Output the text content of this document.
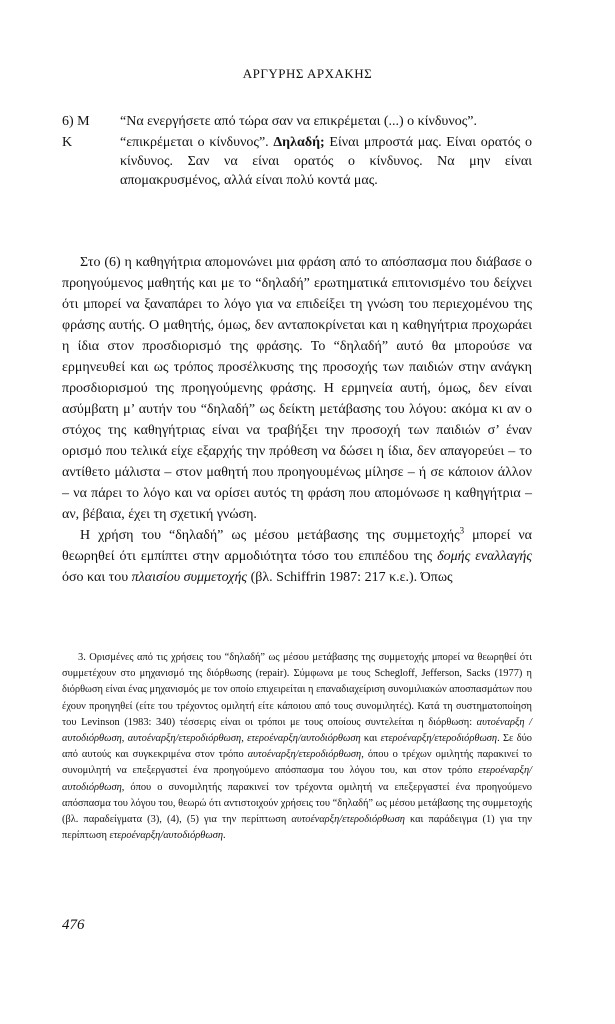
ΑΡΓΥΡΗΣ ΑΡΧΑΚΗΣ
6) M	“Να ενεργήσετε από τώρα σαν να επικρέμεται (...) ο κίνδυνος”.
K	“επικρέμεται ο κίνδυνος”. Δηλαδή; Είναι μπροστά μας. Είναι ορατός ο κίνδυνος. Σαν να είναι ορατός ο κίνδυνος. Να μην είναι απομακρυσμένος, αλλά είναι πολύ κοντά μας.

Στο (6) η καθηγήτρια απομονώνει μια φράση από το απόσπασμα που διάβασε ο προηγούμενος μαθητής και με το “δηλαδή” ερωτηματικά επιτονισμένο του δείχνει ότι μπορεί να ξαναπάρει το λόγο για να επιδείξει τη γνώση του περιεχομένου της φράσης αυτής. Ο μαθητής, όμως, δεν ανταποκρίνεται και η καθηγήτρια προχωράει η ίδια στον προσδιορισμό της φράσης. Το “δηλαδή” αυτό θα μπορούσε να ερμηνευθεί και ως τρόπος προσέλκυσης της προσοχής των παιδιών στην ανάγκη προσδιορισμού της προηγούμενης φράσης. Η ερμηνεία αυτή, όμως, δεν είναι ασύμβατη μ’ αυτήν του “δηλαδή” ως δείκτη μετάβασης του λόγου: ακόμα κι αν ο στόχος της καθηγήτριας είναι να τραβήξει την προσοχή των παιδιών σ’ έναν ορισμό που τελικά είχε εξαρχής την πρόθεση να δώσει η ίδια, δεν απαγορεύει – το αντίθετο μάλιστα – στον μαθητή που προηγουμένως μίλησε – ή σε κάποιον άλλον – να πάρει το λόγο και να ορίσει αυτός τη φράση που απομόνωσε η καθηγήτρια – αν, βέβαια, έχει τη σχετική γνώση.

Η χρήση του “δηλαδή” ως μέσου μετάβασης της συμμετοχής$^3$ μπορεί να θεωρηθεί ότι εμπίπτει στην αρμοδιότητα τόσο του επιπέδου της δομής εναλλαγής όσο και του πλαισίου συμμετοχής (βλ. Schiffrin 1987: 217 κ.ε.). Όπως

3. Ορισμένες από τις χρήσεις του “δηλαδή” ως μέσου μετάβασης της συμμετοχής μπορεί να θεωρηθεί ότι συμμετέχουν στο μηχανισμό της διόρθωσης (repair). Σύμφωνα με τους Schegloff, Jefferson, Sacks (1977) η διόρθωση είναι ένας μηχανισμός με τον οποίο επιχειρείται η επαναδιαχείριση συνομιλιακών αποσπασμάτων που έχουν προηγηθεί (είτε του τρέχοντος ομιλητή είτε κάποιου από τους συνομιλητές). Κατά τη συστηματοποίηση του Levinson (1983: 340) τέσσερις είναι οι τρόποι με τους οποίους συντελείται η διόρθωση: αυτοέναρξη / αυτοδιόρθωση, αυτοέναρξη/ετεροδιόρθωση, ετεροέναρξη/αυτοδιόρθωση και ετεροέναρξη/ετεροδιόρθωση. Σε δύο από αυτούς και συγκεκριμένα στον τρόπο αυτοέναρξη/ετεροδιόρθωση, όπου ο τρέχων ομιλητής παρακινεί το συνομιλητή να επεξεργαστεί ένα προηγούμενο απόσπασμα του λόγου του, και στον τρόπο ετεροέναρξη/αυτοδιόρθωση, όπου ο συνομιλητής παρακινεί τον τρέχοντα ομιλητή να επεξεργαστεί ένα προηγούμενο απόσπασμα του λόγου του, θεωρώ ότι αντιστοιχούν χρήσεις του “δηλαδή” ως μέσου μετάβασης της συμμετοχής (βλ. παραδείγματα (3), (4), (5) για την περίπτωση αυτοέναρξη/ετεροδιόρθωση και παράδειγμα (1) για την περίπτωση ετεροέναρξη/αυτοδιόρθωση.

476
